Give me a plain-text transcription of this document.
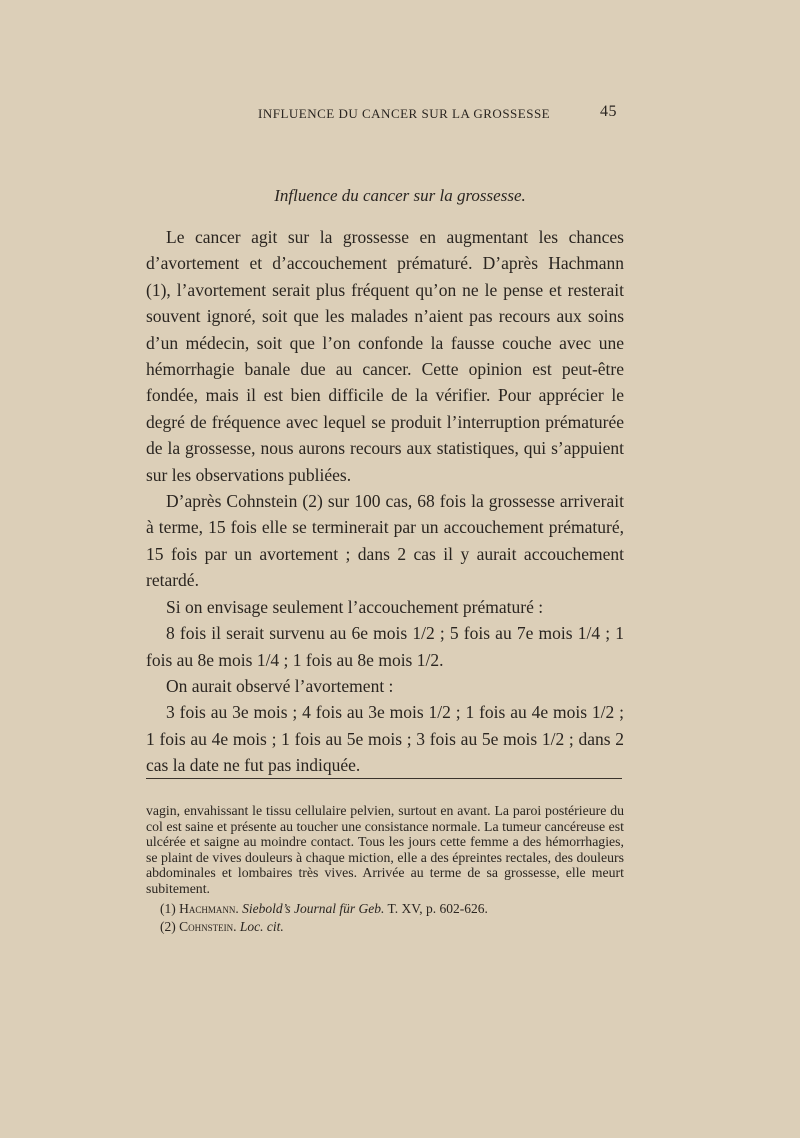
INFLUENCE DU CANCER SUR LA GROSSESSE	45
Influence du cancer sur la grossesse.

Le cancer agit sur la grossesse en augmentant les chances d’avortement et d’accouchement prématuré. D’après Hachmann (1), l’avortement serait plus fréquent qu’on ne le pense et resterait souvent ignoré, soit que les malades n’aient pas recours aux soins d’un médecin, soit que l’on confonde la fausse couche avec une hémorrhagie banale due au cancer. Cette opinion est peut-être fondée, mais il est bien difficile de la vérifier. Pour apprécier le degré de fréquence avec lequel se produit l’interruption prématurée de la grossesse, nous aurons recours aux statistiques, qui s’appuient sur les observations publiées.

D’après Cohnstein (2) sur 100 cas, 68 fois la grossesse arriverait à terme, 15 fois elle se terminerait par un accouchement prématuré, 15 fois par un avortement ; dans 2 cas il y aurait accouchement retardé.

Si on envisage seulement l’accouchement prématuré :

8 fois il serait survenu au 6e mois 1/2 ; 5 fois au 7e mois 1/4 ; 1 fois au 8e mois 1/4 ; 1 fois au 8e mois 1/2.

On aurait observé l’avortement :

3 fois au 3e mois ; 4 fois au 3e mois 1/2 ; 1 fois au 4e mois 1/2 ; 1 fois au 4e mois ; 1 fois au 5e mois ; 3 fois au 5e mois 1/2 ; dans 2 cas la date ne fut pas indiquée.

vagin, envahissant le tissu cellulaire pelvien, surtout en avant. La paroi postérieure du col est saine et présente au toucher une consistance normale. La tumeur cancéreuse est ulcérée et saigne au moindre contact. Tous les jours cette femme a des hémorrhagies, se plaint de vives douleurs à chaque miction, elle a des épreintes rectales, des douleurs abdominales et lombaires très vives. Arrivée au terme de sa grossesse, elle meurt subitement.

(1) Hachmann. Siebold’s Journal für Geb. T. XV, p. 602-626.

(2) Cohnstein. Loc. cit.
